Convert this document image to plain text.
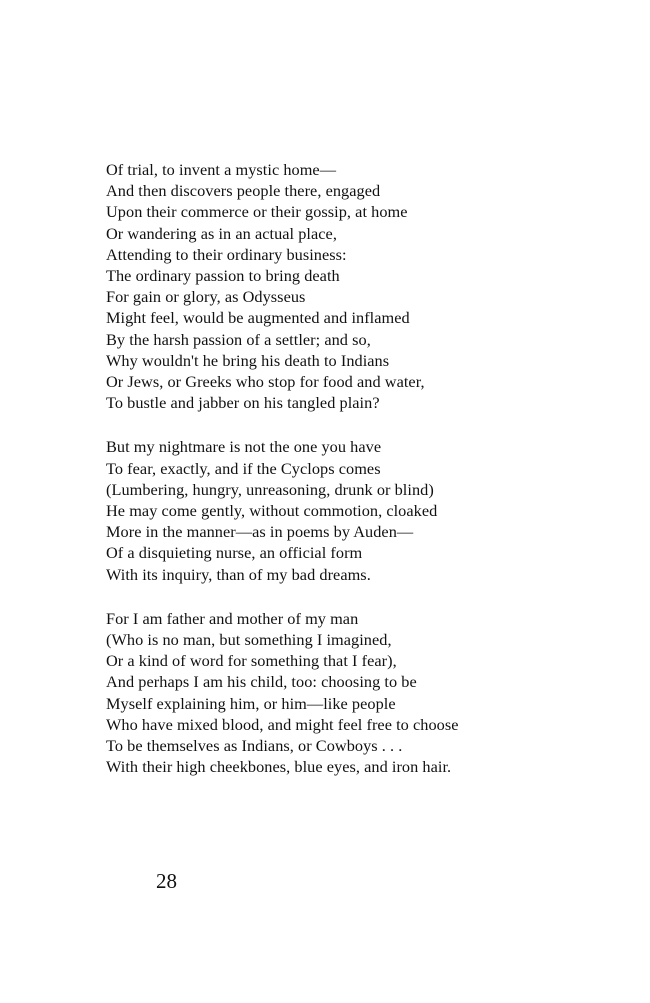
Of trial, to invent a mystic home—
And then discovers people there, engaged
Upon their commerce or their gossip, at home
Or wandering as in an actual place,
Attending to their ordinary business:
The ordinary passion to bring death
For gain or glory, as Odysseus
Might feel, would be augmented and inflamed
By the harsh passion of a settler; and so,
Why wouldn't he bring his death to Indians
Or Jews, or Greeks who stop for food and water,
To bustle and jabber on his tangled plain?
But my nightmare is not the one you have
To fear, exactly, and if the Cyclops comes
(Lumbering, hungry, unreasoning, drunk or blind)
He may come gently, without commotion, cloaked
More in the manner—as in poems by Auden—
Of a disquieting nurse, an official form
With its inquiry, than of my bad dreams.
For I am father and mother of my man
(Who is no man, but something I imagined,
Or a kind of word for something that I fear),
And perhaps I am his child, too: choosing to be
Myself explaining him, or him—like people
Who have mixed blood, and might feel free to choose
To be themselves as Indians, or Cowboys . . .
With their high cheekbones, blue eyes, and iron hair.
28
